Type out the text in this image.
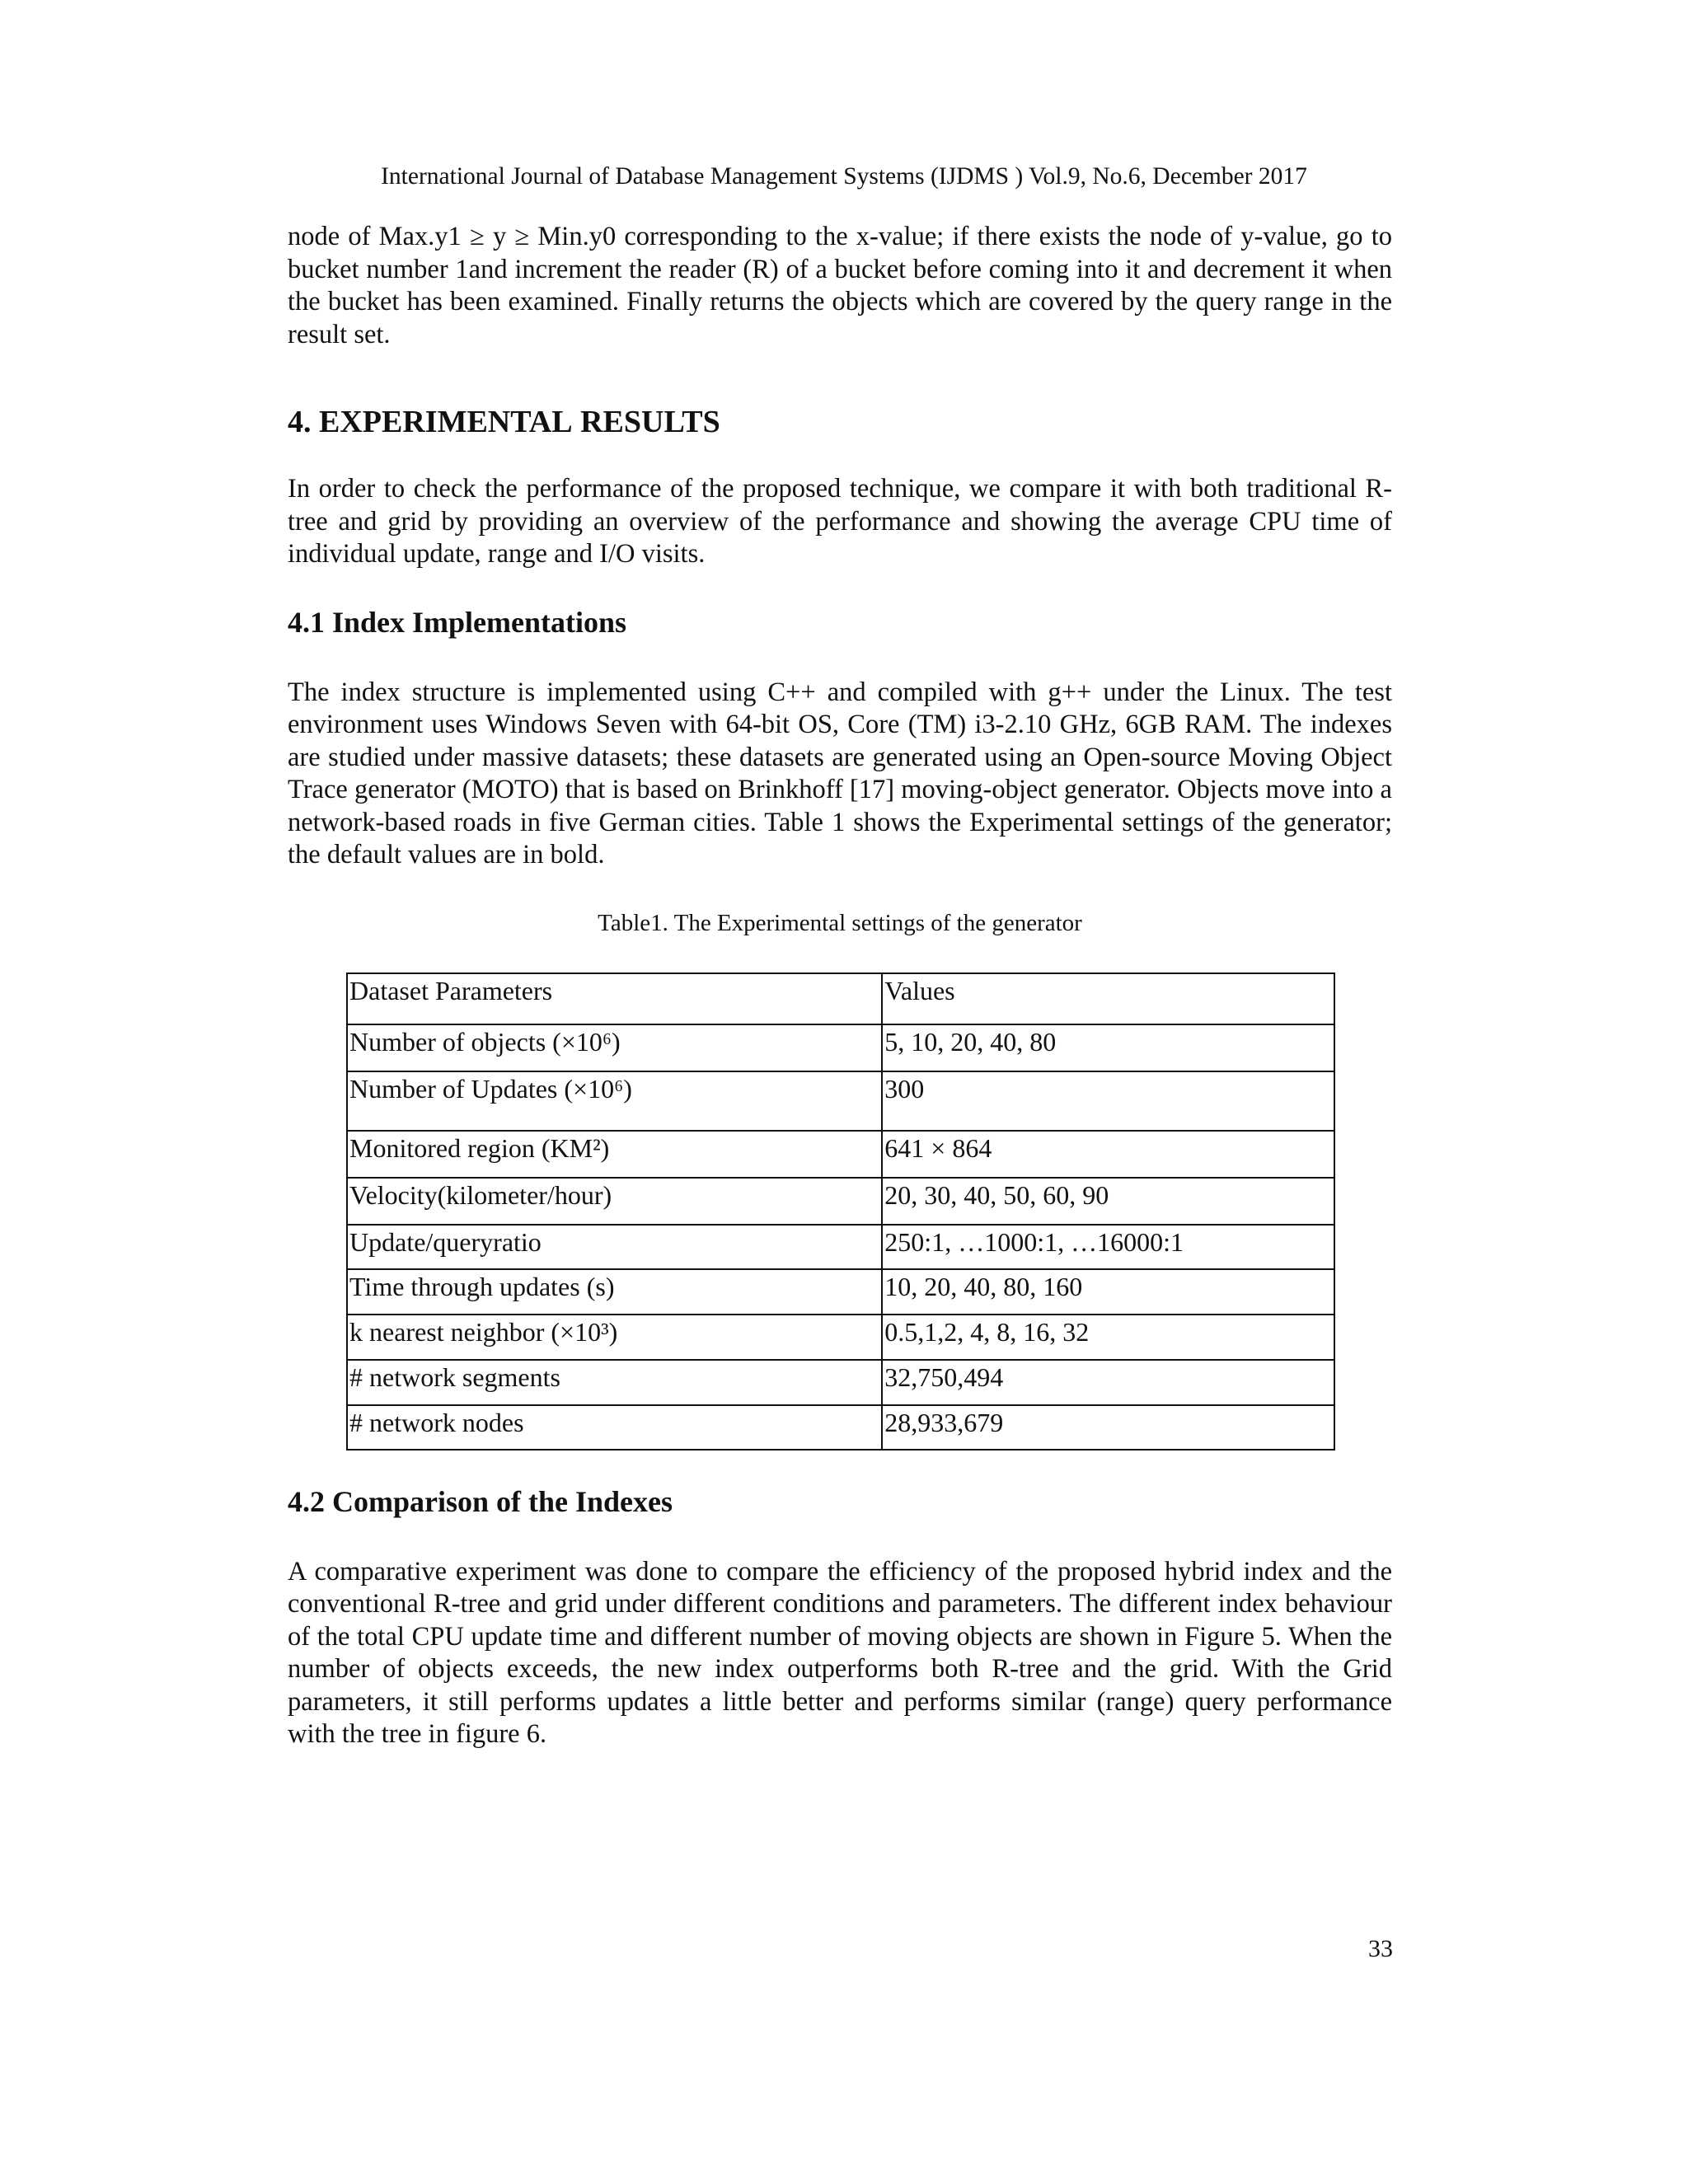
International Journal of Database Management Systems (IJDMS ) Vol.9, No.6, December 2017

node of Max.y1 ≥ y ≥ Min.y0 corresponding to the x-value; if there exists the node of y-value, go to bucket number 1and increment the reader (R) of a bucket before coming into it and decrement it when the bucket has been examined. Finally returns the objects which are covered by the query range in the result set.

4. EXPERIMENTAL RESULTS

In order to check the performance of the proposed technique, we compare it with both traditional R-tree and grid by providing an overview of the performance and showing the average CPU time of individual update, range and I/O visits.

4.1 Index Implementations

The index structure is implemented using C++ and compiled with g++ under the Linux. The test environment uses Windows Seven with 64-bit OS, Core (TM) i3-2.10 GHz, 6GB RAM. The indexes are studied under massive datasets; these datasets are generated using an Open-source Moving Object Trace generator (MOTO) that is based on Brinkhoff [17] moving-object generator. Objects move into a network-based roads in five German cities. Table 1 shows the Experimental settings of the generator; the default values are in bold.

Table1. The Experimental settings of the generator

Dataset Parameters	Values
Number of objects (×10⁶)	5, 10, 20, 40, 80
Number of Updates (×10⁶)	300
Monitored region (KM²)	641 × 864
Velocity(kilometer/hour)	20, 30, 40, 50, 60, 90
Update/queryratio	250:1, …1000:1, …16000:1
Time through updates (s)	10, 20, 40, 80, 160
k nearest neighbor (×10³)	0.5,1,2, 4, 8, 16, 32
# network segments	32,750,494
# network nodes	28,933,679
4.2 Comparison of the Indexes

A comparative experiment was done to compare the efficiency of the proposed hybrid index and the conventional R-tree and grid under different conditions and parameters. The different index behaviour of the total CPU update time and different number of moving objects are shown in Figure 5. When the number of objects exceeds, the new index outperforms both R-tree and the grid. With the Grid parameters, it still performs updates a little better and performs similar (range) query performance with the tree in figure 6.

33
